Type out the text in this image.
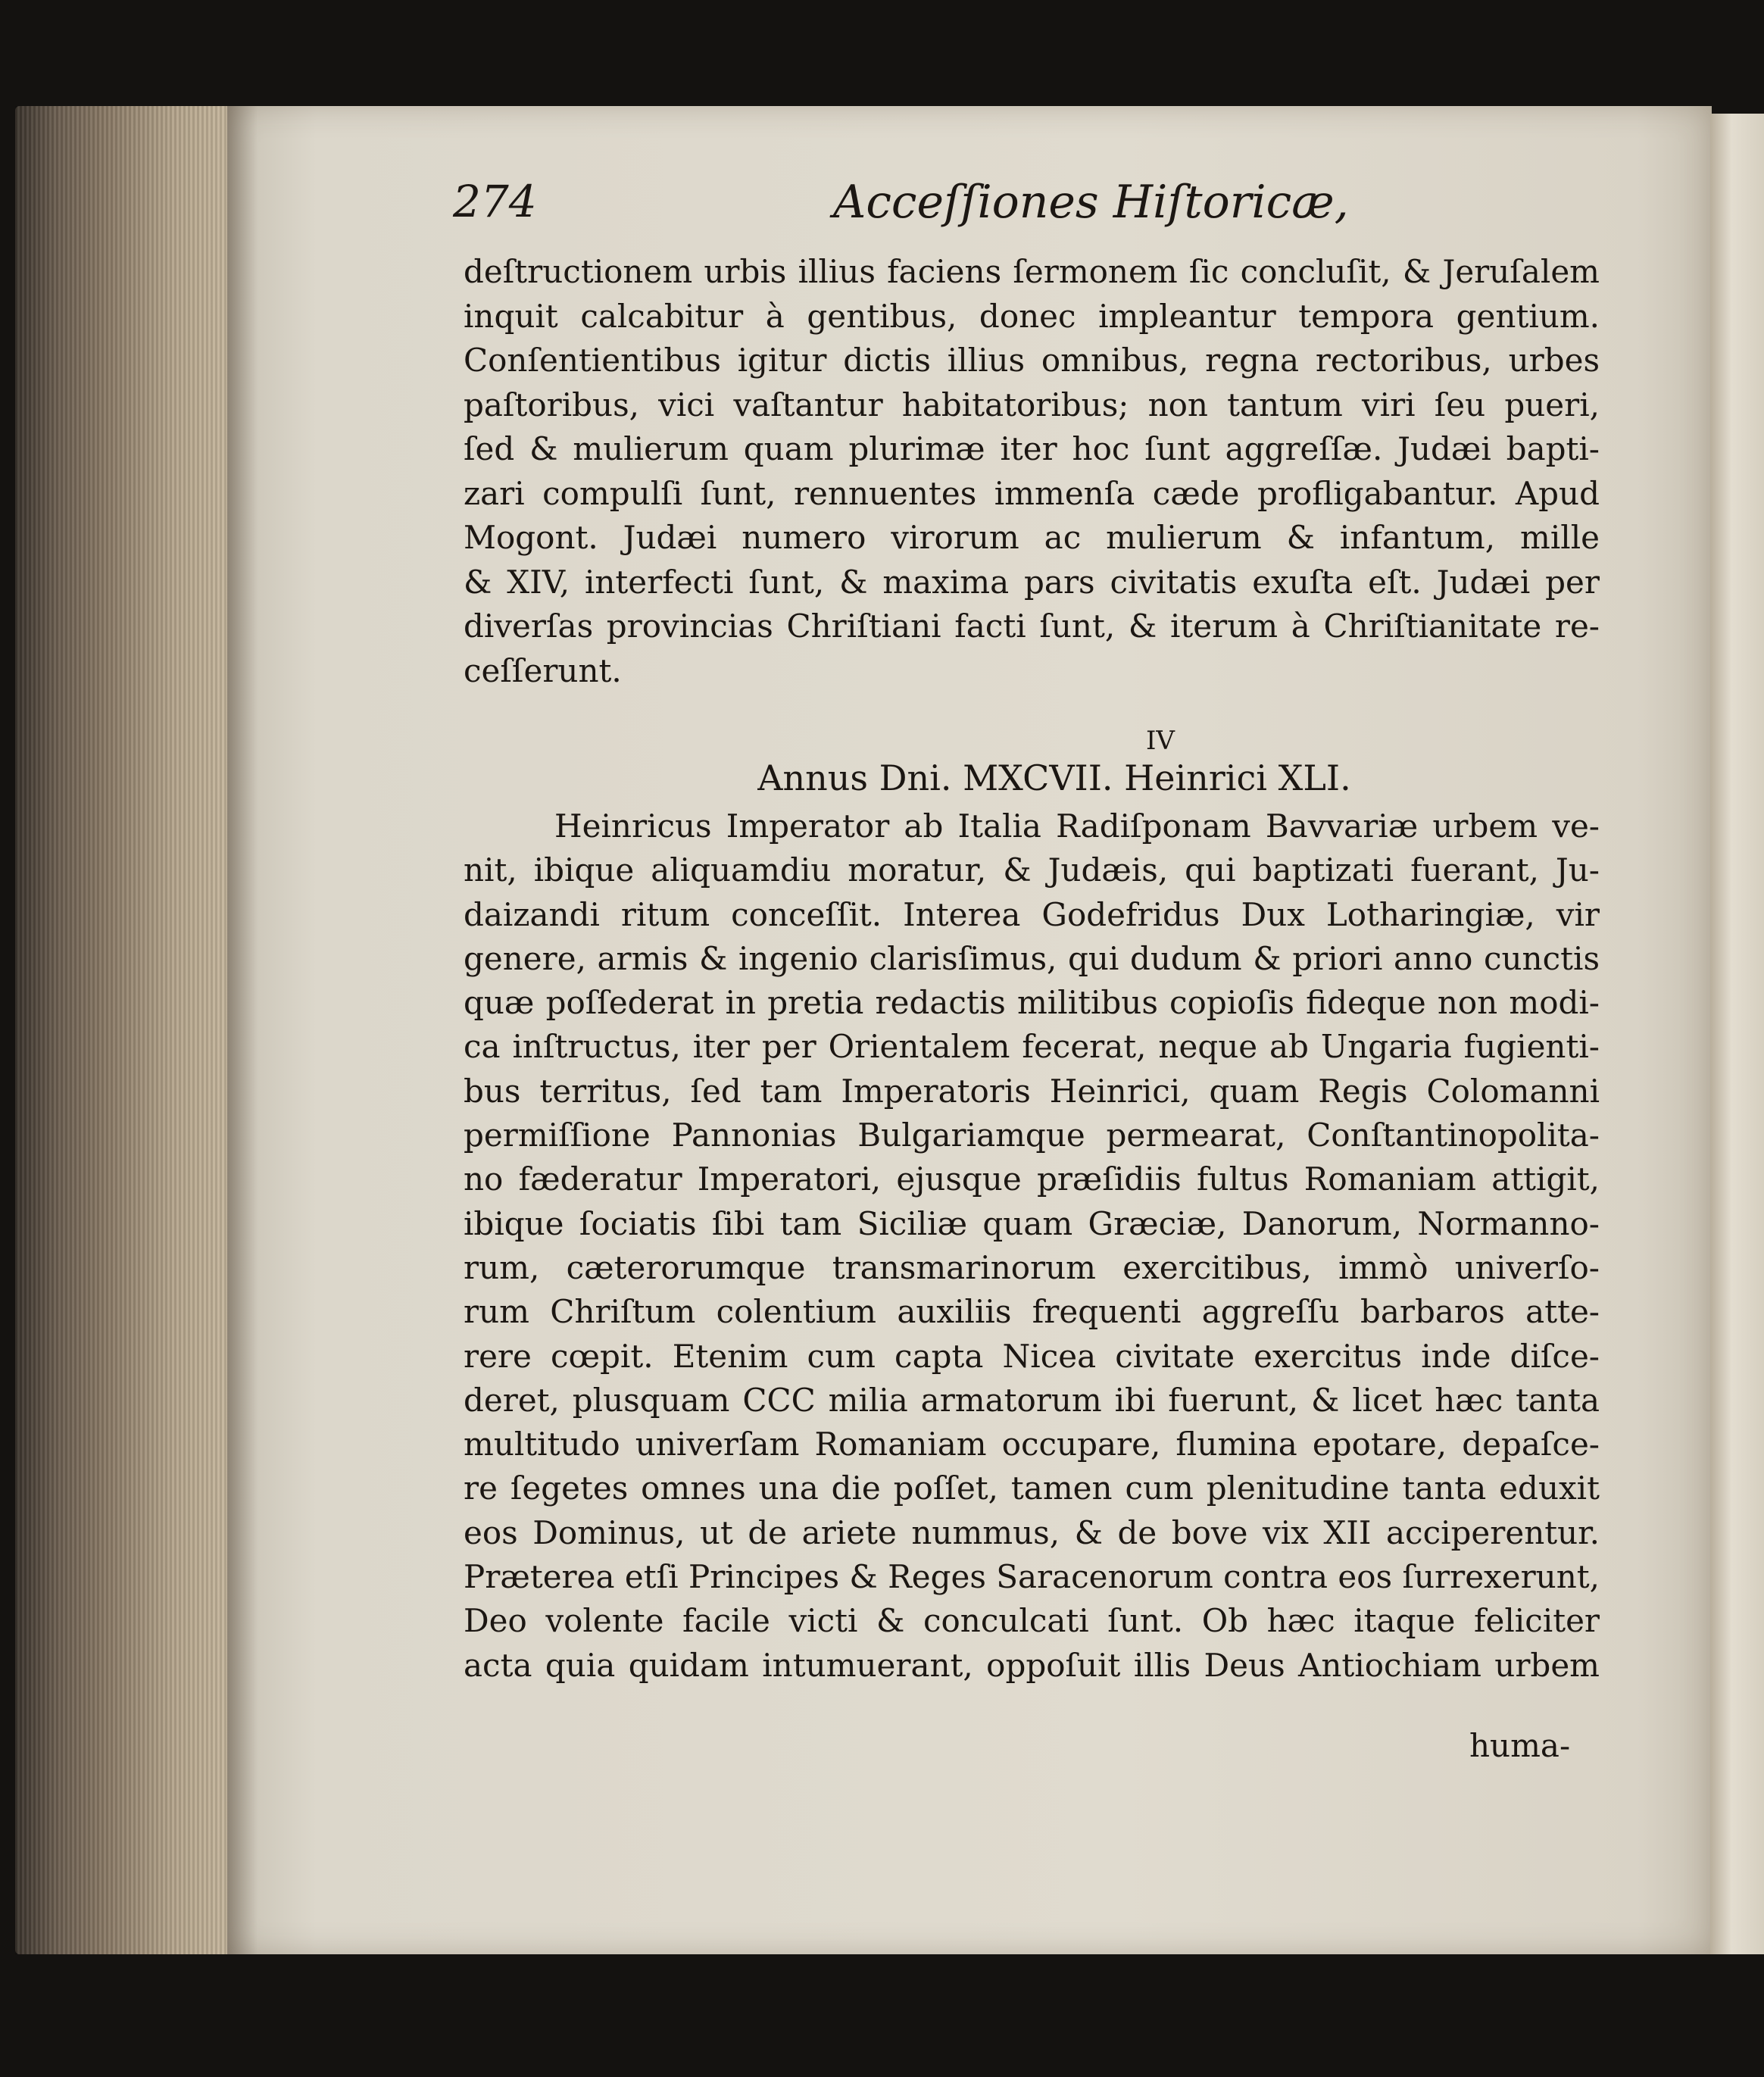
274	Acceſſiones Hiſtoricæ,
deſtructionem urbis illius faciens ſermonem ſic concluſit, & Jeruſalem
inquit calcabitur à gentibus, donec impleantur tempora gentium.
Conſentientibus igitur dictis illius omnibus, regna rectoribus, urbes
paſtoribus, vici vaſtantur habitatoribus; non tantum viri ſeu pueri,
ſed & mulierum quam plurimæ iter hoc ſunt aggreſſæ. Judæi bapti-
zari compulſi ſunt, rennuentes immenſa cæde profligabantur. Apud
Mogont. Judæi numero virorum ac mulierum & infantum, mille
& XIV, interfecti ſunt, & maxima pars civitatis exuſta eſt. Judæi per
diverſas provincias Chriſtiani facti ſunt, & iterum à Chriſtianitate re-
ceſſerunt.
IV
Annus Dni. MXCVII. Heinrici XLI.
Heinricus Imperator ab Italia Radiſponam Bavvariæ urbem ve-
nit, ibique aliquamdiu moratur, & Judæis, qui baptizati fuerant, Ju-
daizandi ritum conceſſit. Interea Godefridus Dux Lotharingiæ, vir
genere, armis & ingenio clarisſimus, qui dudum & priori anno cunctis
quæ poſſederat in pretia redactis militibus copioſis fideque non modi-
ca inſtructus, iter per Orientalem fecerat, neque ab Ungaria fugienti-
bus territus, ſed tam Imperatoris Heinrici, quam Regis Colomanni
permiſſione Pannonias Bulgariamque permearat, Conſtantinopolita-
no fæderatur Imperatori, ejusque præſidiis fultus Romaniam attigit,
ibique ſociatis ſibi tam Siciliæ quam Græciæ, Danorum, Normanno-
rum, cæterorumque transmarinorum exercitibus, immò univerſo-
rum Chriſtum colentium auxiliis frequenti aggreſſu barbaros atte-
rere cœpit. Etenim cum capta Nicea civitate exercitus inde diſce-
deret, plusquam CCC milia armatorum ibi fuerunt, & licet hæc tanta
multitudo univerſam Romaniam occupare, flumina epotare, depaſce-
re ſegetes omnes una die poſſet, tamen cum plenitudine tanta eduxit
eos Dominus, ut de ariete nummus, & de bove vix XII acciperentur.
Præterea etſi Principes & Reges Saracenorum contra eos ſurrexerunt,
Deo volente facile victi & conculcati ſunt. Ob hæc itaque feliciter
acta quia quidam intumuerant, oppoſuit illis Deus Antiochiam urbem
huma-
